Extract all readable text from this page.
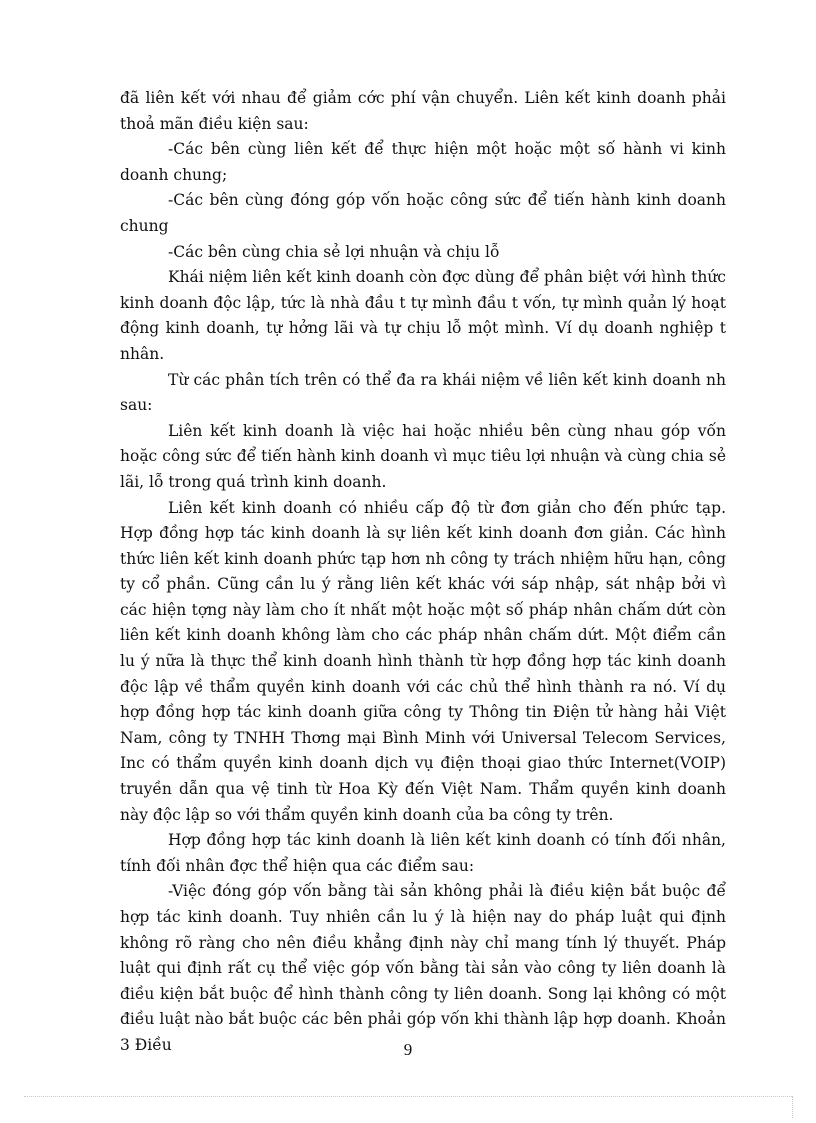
đã liên kết với nhau để giảm cớc phí vận chuyển. Liên kết kinh doanh phải thoả mãn điều kiện sau:

-Các bên cùng liên kết để thực hiện một hoặc một số hành vi kinh doanh chung;

-Các bên cùng đóng góp vốn hoặc công sức để tiến hành kinh doanh chung

-Các bên cùng chia sẻ lợi nhuận và chịu lỗ

Khái niệm liên kết kinh doanh còn đợc dùng để phân biệt với hình thức kinh doanh độc lập, tức là nhà đầu t tự mình đầu t vốn, tự mình quản lý hoạt động kinh doanh, tự hởng lãi và tự chịu lỗ một mình. Ví dụ doanh nghiệp t nhân.

Từ các phân tích trên có thể đa ra khái niệm về liên kết kinh doanh nh sau:

Liên kết kinh doanh là việc hai hoặc nhiều bên cùng nhau góp vốn hoặc công sức để tiến hành kinh doanh vì mục tiêu lợi nhuận và cùng chia sẻ lãi, lỗ trong quá trình kinh doanh.

Liên kết kinh doanh có nhiều cấp độ từ đơn giản cho đến phức tạp. Hợp đồng hợp tác kinh doanh là sự liên kết kinh doanh đơn giản. Các hình thức liên kết kinh doanh phức tạp hơn nh công ty trách nhiệm hữu hạn, công ty cổ phần. Cũng cần lu ý rằng liên kết khác với sáp nhập, sát nhập bởi vì các hiện tợng này làm cho ít nhất một hoặc một số pháp nhân chấm dứt còn liên kết kinh doanh không làm cho các pháp nhân chấm dứt. Một điểm cần lu ý nữa là thực thể kinh doanh hình thành từ hợp đồng hợp tác kinh doanh độc lập về thẩm quyền kinh doanh với các chủ thể hình thành ra nó. Ví dụ hợp đồng hợp tác kinh doanh giữa công ty Thông tin Điện tử hàng hải Việt Nam, công ty TNHH Thơng mại Bình Minh với Universal Telecom Services, Inc có thẩm quyền kinh doanh dịch vụ điện thoại giao thức Internet(VOIP) truyền dẫn qua vệ tinh từ Hoa Kỳ đến Việt Nam. Thẩm quyền kinh doanh này độc lập so với thẩm quyền kinh doanh của ba công ty trên.

Hợp đồng hợp tác kinh doanh là liên kết kinh doanh có tính đối nhân, tính đối nhân đợc thể hiện qua các điểm sau:

-Việc đóng góp vốn bằng tài sản không phải là điều kiện bắt buộc để hợp tác kinh doanh. Tuy nhiên cần lu ý là hiện nay do pháp luật qui định không rõ ràng cho nên điều khẳng định này chỉ mang tính lý thuyết. Pháp luật qui định rất cụ thể việc góp vốn bằng tài sản vào công ty liên doanh là điều kiện bắt buộc để hình thành công ty liên doanh. Song lại không có một điều luật nào bắt buộc các bên phải góp vốn khi thành lập hợp doanh. Khoản 3 Điều	9
